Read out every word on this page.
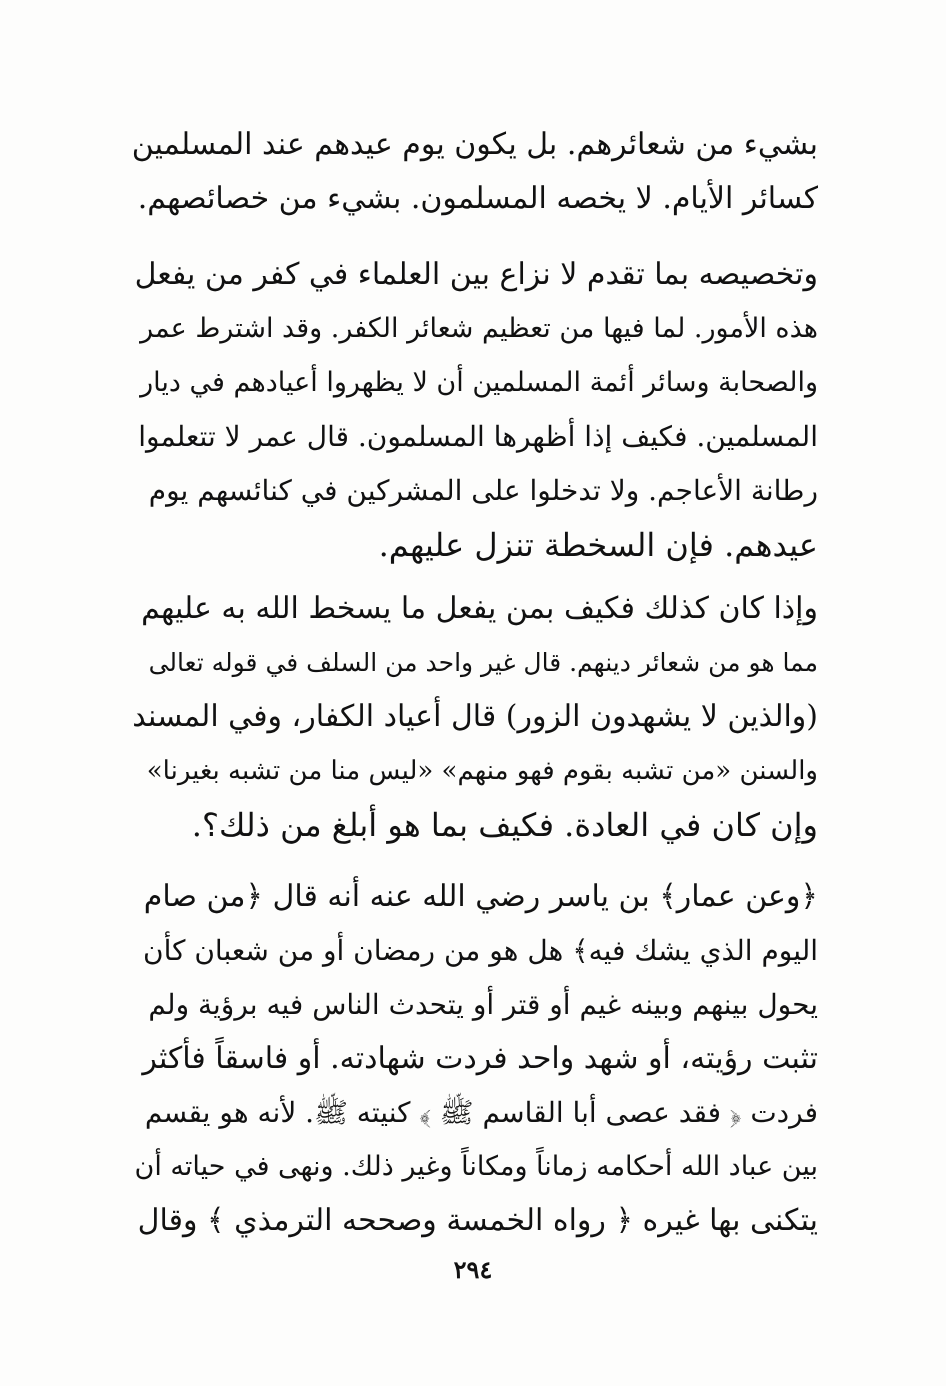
بشيء من شعائرهم. بل يكون يوم عيدهم عند المسلمين
كسائر الأيام. لا يخصه المسلمون. بشيء من خصائصهم.
وتخصيصه بما تقدم لا نزاع بين العلماء في كفر من يفعل
هذه الأمور. لما فيها من تعظيم شعائر الكفر. وقد اشترط عمر
والصحابة وسائر أئمة المسلمين أن لا يظهروا أعيادهم في ديار
المسلمين. فكيف إذا أظهرها المسلمون. قال عمر لا تتعلموا
رطانة الأعاجم. ولا تدخلوا على المشركين في كنائسهم يوم
عيدهم. فإن السخطة تنزل عليهم.
وإذا كان كذلك فكيف بمن يفعل ما يسخط الله به عليهم
مما هو من شعائر دينهم. قال غير واحد من السلف في قوله تعالى
(والذين لا يشهدون الزور) قال أعياد الكفار، وفي المسند
والسنن «من تشبه بقوم فهو منهم» «ليس منا من تشبه بغيرنا»
وإن كان في العادة. فكيف بما هو أبلغ من ذلك؟.
﴿وعن عمار﴾ بن ياسر رضي الله عنه أنه قال ﴿من صام
اليوم الذي يشك فيه﴾ هل هو من رمضان أو من شعبان كأن
يحول بينهم وبينه غيم أو قتر أو يتحدث الناس فيه برؤية ولم
تثبت رؤيته، أو شهد واحد فردت شهادته. أو فاسقاً فأكثر
فردت ﴿ فقد عصى أبا القاسم ﷺ ﴾ كنيته ﷺ. لأنه هو يقسم
بين عباد الله أحكامه زماناً ومكاناً وغير ذلك. ونهى في حياته أن
يتكنى بها غيره ﴿ رواه الخمسة وصححه الترمذي ﴾ وقال
٢٩٤
